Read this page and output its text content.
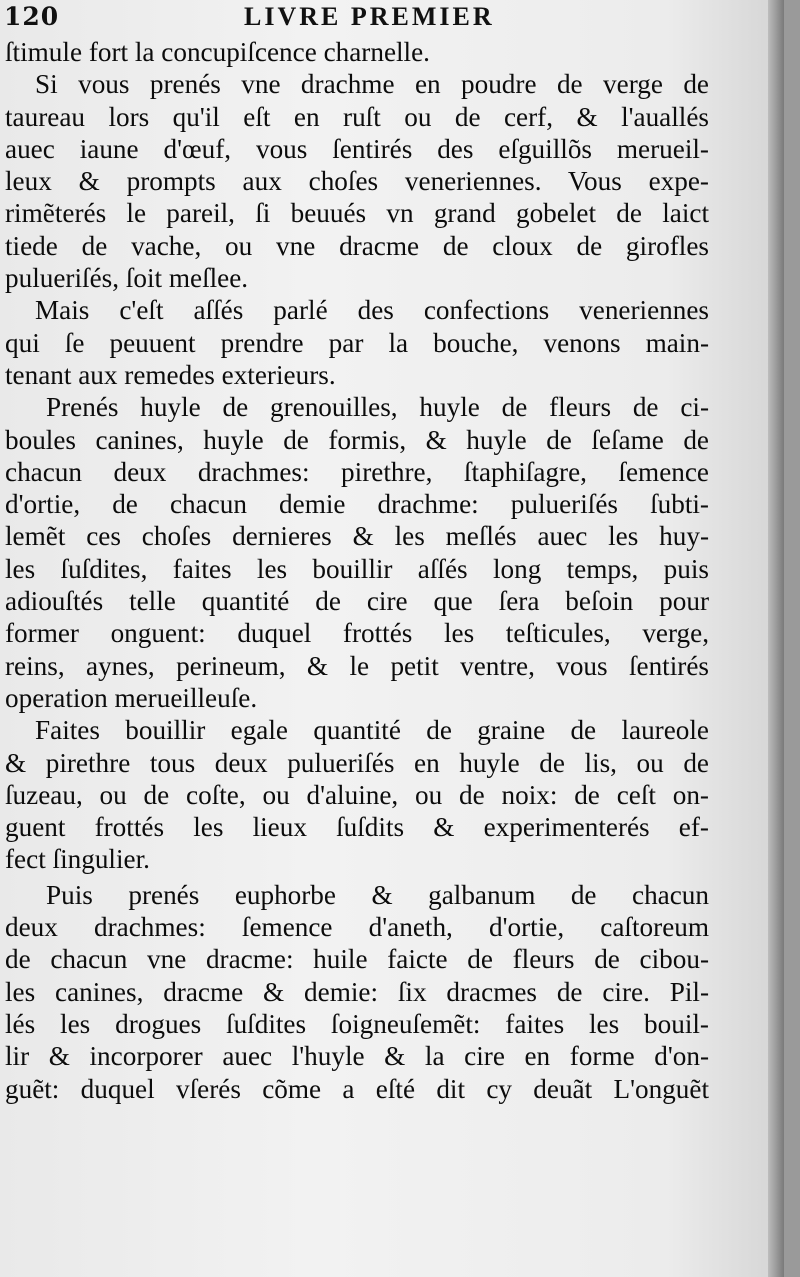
120	LIVRE PREMIER
ſtimule fort la concupiſcence charnelle.
Si vous prenés vne drachme en poudre de verge de
taureau lors qu'il eſt en ruſt ou de cerf, & l'auallés
auec iaune d'œuf, vous ſentirés des eſguillõs merueil-
leux & prompts aux choſes veneriennes. Vous expe-
rimẽterés le pareil, ſi beuués vn grand gobelet de laict
tiede de vache, ou vne dracme de cloux de girofles
pulueriſés, ſoit meſlee.
Mais c'eſt aſſés parlé des confections veneriennes
qui ſe peuuent prendre par la bouche, venons main-
tenant aux remedes exterieurs.
Prenés huyle de grenouilles, huyle de fleurs de ci-
boules canines, huyle de formis, & huyle de ſeſame de
chacun deux drachmes: pirethre, ſtaphiſagre, ſemence
d'ortie, de chacun demie drachme: pulueriſés ſubti-
lemẽt ces choſes dernieres & les meſlés auec les huy-
les ſuſdites, faites les bouillir aſſés long temps, puis
adiouſtés telle quantité de cire que ſera beſoin pour
former onguent: duquel frottés les teſticules, verge,
reins, aynes, perineum, & le petit ventre, vous ſentirés
operation merueilleuſe.
Faites bouillir egale quantité de graine de laureole
& pirethre tous deux pulueriſés en huyle de lis, ou de
ſuzeau, ou de coſte, ou d'aluine, ou de noix: de ceſt on-
guent frottés les lieux ſuſdits & experimenterés ef-
fect ſingulier.
Puis prenés euphorbe & galbanum de chacun
deux drachmes: ſemence d'aneth, d'ortie, caſtoreum
de chacun vne dracme: huile faicte de fleurs de cibou-
les canines, dracme & demie: ſix dracmes de cire. Pil-
lés les drogues ſuſdites ſoigneuſemẽt: faites les bouil-
lir & incorporer auec l'huyle & la cire en forme d'on-
guẽt: duquel vſerés cõme a eſté dit cy deuãt L'onguẽt
